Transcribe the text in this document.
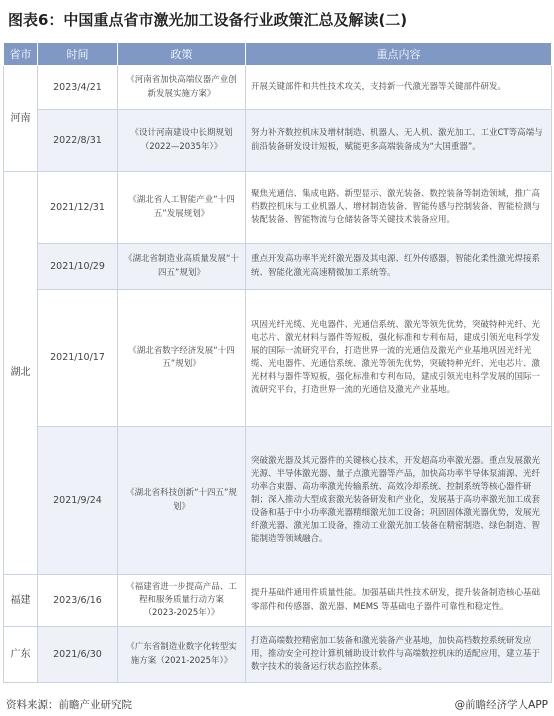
图表6：中国重点省市激光加工设备行业政策汇总及解读(二)
省市	时间	政策	重点内容
河南	2023/4/21	《河南省加快高端仪器产业创新发展实施方案》	开展关键部件和共性技术攻关，支持新一代激光器等关键部件研发。
	2022/8/31	《设计河南建设中长期规划（2022—2035年）》	努力补齐数控机床及增材制造、机器人、无人机、激光加工、工业CT等高端与前沿装备研发设计短板，赋能更多高端装备成为“大国重器”。
湖北	2021/12/31	《湖北省人工智能产业“十四五”发展规划》	聚焦光通信、集成电路、新型显示、激光装备、数控装备等制造领域，推广高档数控机床与工业机器人、增材制造装备、智能传感与控制装备、智能检测与装配装备、智能物流与仓储装备等关键技术装备应用。
	2021/10/29	《湖北省制造业高质量发展“十四五”规划》	重点开发高功率半光纤激光器及其电源、红外传感器，智能化柔性激光焊接系统、智能化激光高速精微加工系统等。
	2021/10/17	《湖北省数字经济发展“十四五”规划》	巩固光纤光缆、光电器件、光通信系统、激光等领先优势，突破特种光纤、光电芯片、激光材料与器件等短板，强化标准和专利布局，建成引领光电科学发展的国际一流研究平台，打造世界一流的光通信及激光产业基地巩固光纤光缆、光电器件、光通信系统、激光等领先优势，突破特种光纤、光电芯片、激光材料与器件等短板，强化标准和专利布局，建成引领光电科学发展的国际一流研究平台，打造世界一流的光通信及激光产业基地。
	2021/9/24	《湖北省科技创新“十四五”规划》	突破激光器及其元器件的关键核心技术，开发超高功率激光器。重点发展激光光源、半导体激光器、量子点激光器等产品，加快高功率半导体泵浦源、光纤功率合束器、高功率激光传输系统、高效冷却系统、控制系统等核心器件研制；深入推动大型成套激光装备研发和产业化，发展基于高功率激光加工成套设备和基于中小功率激光器精细激光加工设备；巩固固体激光器优势，发展光纤激光器、激光加工设备，推动工业激光加工装备在精密制造、绿色制造、智能制造等领域融合。
福建	2023/6/16	《福建省进一步提高产品、工程和服务质量行动方案（2023-2025年）》	提升基础件通用件质量性能。加强基础共性技术研发，提升装备制造核心基础零部件和传感器、激光器、MEMS 等基础电子器件可靠性和稳定性。
广东	2021/6/30	《广东省制造业数字化转型实施方案（2021-2025年）》	打造高端数控精密加工装备和激光装备产业基地，加快高档数控系统研发应用，推动安全可控计算机辅助设计软件与高端数控机床的适配应用，建立基于数字技术的装备运行状态监控体系。
资料来源：前瞻产业研究院	@前瞻经济学人APP
